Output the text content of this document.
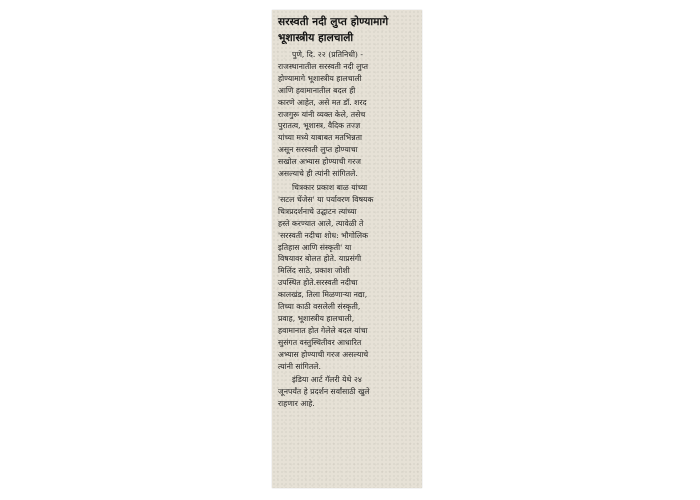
सरस्वती नदी लुप्त होण्यामागे
भूशास्त्रीय हालचाली

पुणे, दि. २२ (प्रतिनिधी) -
राजस्थानातील सरस्वती नदी लुप्त
होण्यामागे भूशास्त्रीय हालचाली
आणि हवामानातील बदल ही
कारणे आहेत, असे मत डॉ. शरद
राजगुरू यांनी व्यक्त केले, तसेच
पुरातत्व, भूशास्त्र, वैदिक तज्ज्ञ
यांच्या मध्ये याबाबत मतभिन्नता
असून सरस्वती लुप्त होण्याचा
सखोल अभ्यास होण्याची गरज
असल्याचे ही त्यांनी सांगितले.

चित्रकार प्रकाश बाळ यांच्या
'सटल चेंजेस' या पर्यावरण विषयक
चित्रप्रदर्शनाचे उद्घाटन त्यांच्या
हस्ते करण्यात आले, त्यावेळी ते
'सरस्वती नदीचा शोध: भौगोलिक
इतिहास आणि संस्कृती' या
विषयावर बोलत होते. याप्रसंगी
मिलिंद साठे, प्रकाश जोशी
उपस्थित होते.सरस्वती नदीचा
कालखंड, तिला मिळणाऱ्या नद्या,
तिच्या काठी वसलेली संस्कृती,
प्रवाह, भूशास्त्रीय हालचाली,
हवामानात होत गेलेले बदल यांचा
सुसंगत वस्तुस्थितीवर आधारित
अभ्यास होण्याची गरज असल्याचे
त्यांनी सांगितले.

इंडिया आर्ट गॅलरी येथे २४
जूनपर्यंत हे प्रदर्शन सर्वांसाठी खुले
राहणार आहे.
